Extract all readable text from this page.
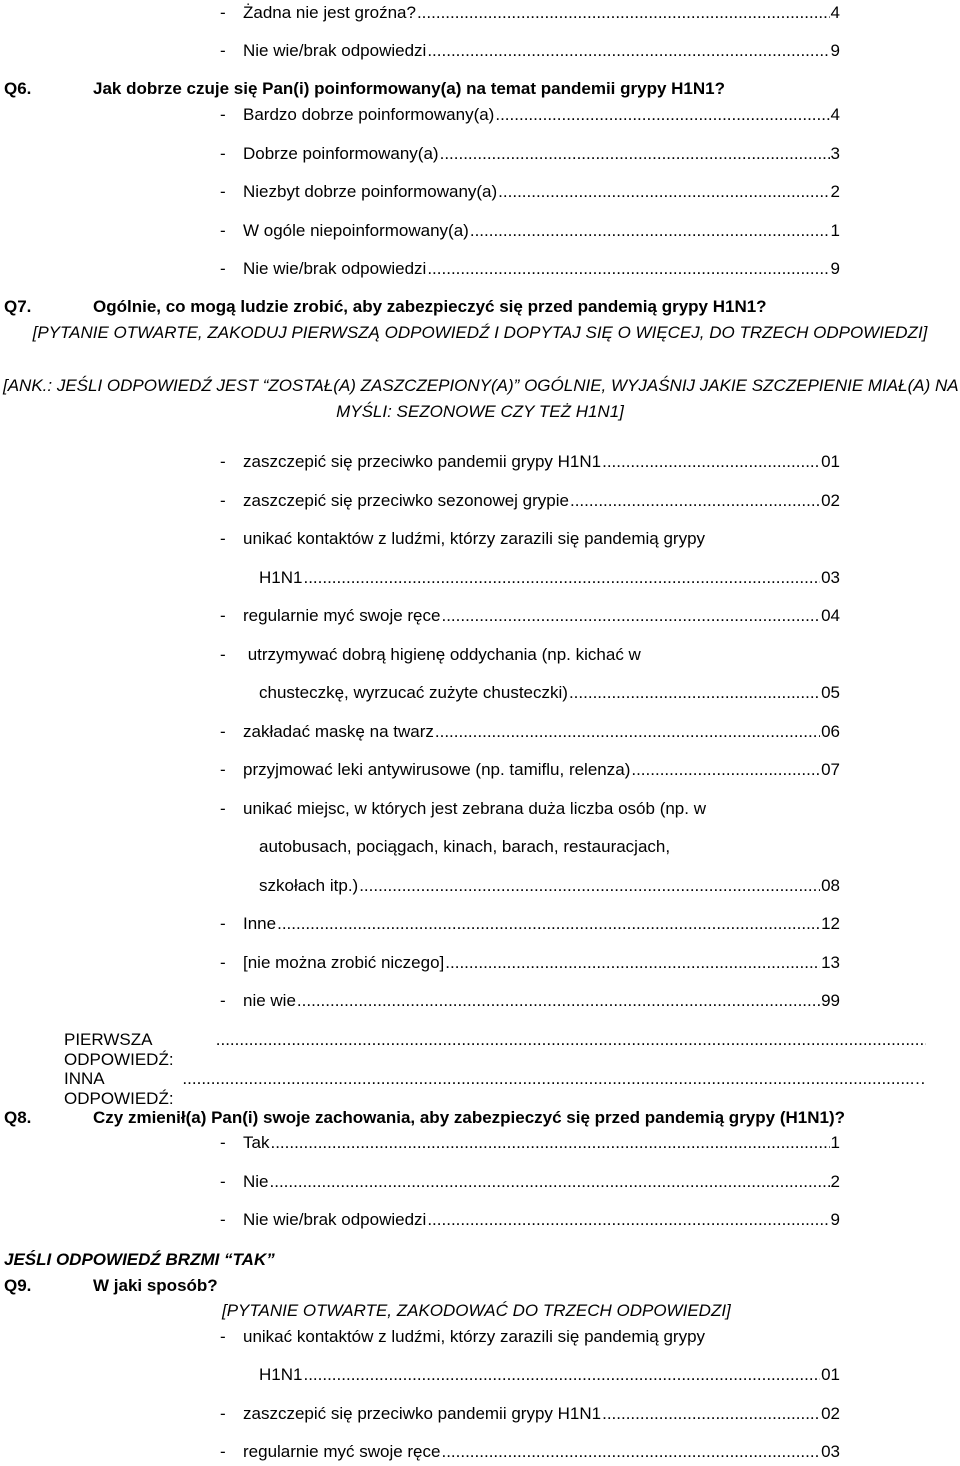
-	Żadna nie jest groźna? .....	4
-	Nie wie/brak odpowiedzi .....	9
Q6.	Jak dobrze czuje się Pan(i) poinformowany(a) na temat pandemii grypy H1N1?
-	Bardzo dobrze poinformowany(a) .....	4
-	Dobrze poinformowany(a) .....	3
-	Niezbyt dobrze poinformowany(a) .....	2
-	W ogóle niepoinformowany(a) .....	1
-	Nie wie/brak odpowiedzi .....	9
Q7.	Ogólnie, co mogą ludzie zrobić, aby zabezpieczyć się przed pandemią grypy H1N1?
[PYTANIE OTWARTE, ZAKODUJ PIERWSZĄ ODPOWIEDŹ I DOPYTAJ SIĘ O WIĘCEJ, DO TRZECH ODPOWIEDZI]
[ANK.: JEŚLI ODPOWIEDŹ JEST “ZOSTAŁ(A) ZASZCZEPIONY(A)” OGÓLNIE, WYJAŚNIJ JAKIE SZCZEPIENIE MIAŁ(A) NA
MYŚLI: SEZONOWE CZY TEŻ H1N1]
-	zaszczepić się przeciwko pandemii grypy H1N1 .....	01
-	zaszczepić się przeciwko sezonowej grypie .....	02
-	unikać kontaktów z ludźmi, którzy zarazili się pandemią grypy
H1N1 .....	03
-	regularnie myć swoje ręce .....	04
-	utrzymywać dobrą higienę oddychania (np. kichać w
chusteczkę, wyrzucać zużyte chusteczki) .....	05
-	zakładać maskę na twarz .....	06
-	przyjmować leki antywirusowe (np. tamiflu, relenza) .....	07
-	unikać miejsc, w których jest zebrana duża liczba osób (np. w
autobusach, pociągach, kinach, barach, restauracjach,
szkołach itp.) .....	08
-	Inne .....	12
-	[nie można zrobić niczego] .....	13
-	nie wie .....	99
PIERWSZA ODPOWIEDŹ:
.....
INNA ODPOWIEDŹ:
.....
…
Q8.	Czy zmienił(a) Pan(i) swoje zachowania, aby zabezpieczyć się przed pandemią grypy (H1N1)?
-	Tak .....	1
-	Nie .....	2
-	Nie wie/brak odpowiedzi .....	9
JEŚLI ODPOWIEDŹ BRZMI “TAK”
Q9.	W jaki sposób?
[PYTANIE OTWARTE, ZAKODOWAĆ DO TRZECH ODPOWIEDZI]
-	unikać kontaktów z ludźmi, którzy zarazili się pandemią grypy
H1N1 .....	01
-	zaszczepić się przeciwko pandemii grypy H1N1 .....	02
-	regularnie myć swoje ręce .....	03
